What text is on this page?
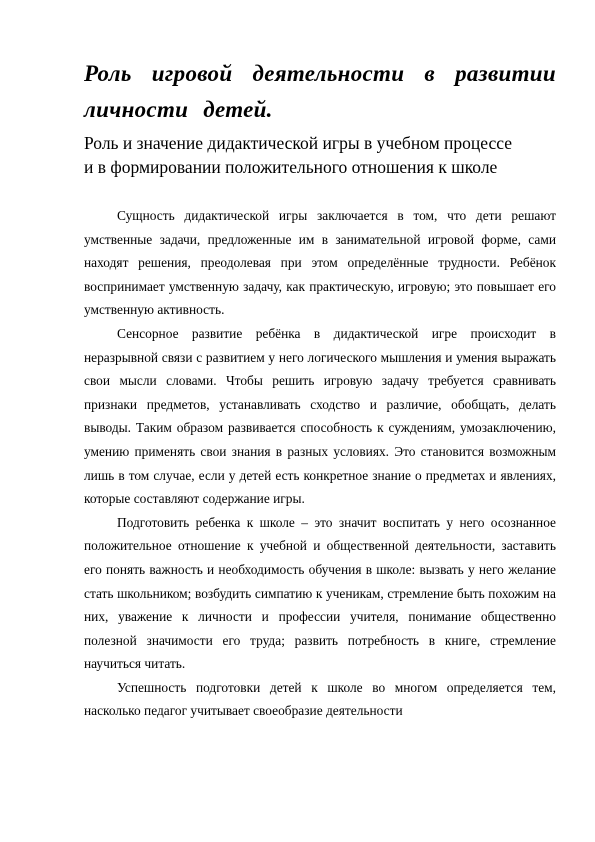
Роль игровой деятельности в развитии личности детей.
Роль и значение дидактической игры в учебном процессе и в формировании положительного отношения к школе

Сущность дидактической игры заключается в том, что дети решают умственные задачи, предложенные им в занимательной игровой форме, сами находят решения, преодолевая при этом определённые трудности. Ребёнок воспринимает умственную задачу, как практическую, игровую; это повышает его умственную активность.

Сенсорное развитие ребёнка в дидактической игре происходит в неразрывной связи с развитием у него логического мышления и умения выражать свои мысли словами. Чтобы решить игровую задачу требуется сравнивать признаки предметов, устанавливать сходство и различие, обобщать, делать выводы. Таким образом развивается способность к суждениям, умозаключению, умению применять свои знания в разных условиях. Это становится возможным лишь в том случае, если у детей есть конкретное знание о предметах и явлениях, которые составляют содержание игры.

Подготовить ребенка к школе – это значит воспитать у него осознанное положительное отношение к учебной и общественной деятельности, заставить его понять важность и необходимость обучения в школе: вызвать у него желание стать школьником; возбудить симпатию к ученикам, стремление быть похожим на них, уважение к личности и профессии учителя, понимание общественно полезной значимости его труда; развить потребность в книге, стремление научиться читать.

Успешность подготовки детей к школе во многом определяется тем, насколько педагог учитывает своеобразие деятельности
